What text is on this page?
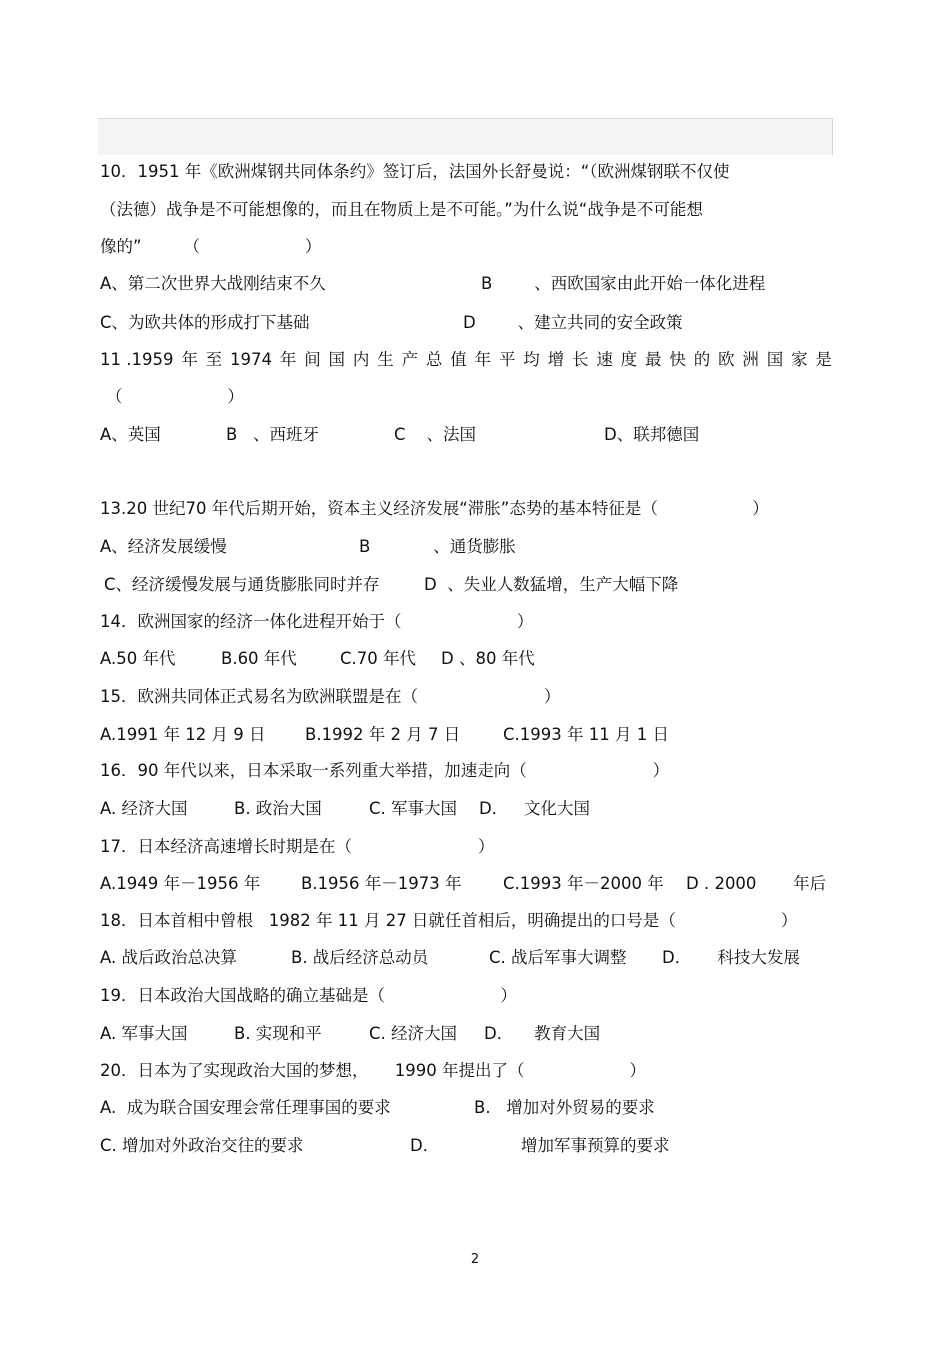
10．1951 年《欧洲煤钢共同体条约》签订后，法国外长舒曼说：“（欧洲煤钢联不仅使
（法德）战争是不可能想像的，而且在物质上是不可能。”为什么说“战争是不可能想
像的”        （                    ）
A、第二次世界大战刚结束不久	B        、西欧国家由此开始一体化进程
C、为欧共体的形成打下基础	D        、建立共同的安全政策
11 .1959 年 至 1974 年 间 国 内 生 产 总 值 年 平 均 增 长 速 度 最 快 的 欧 洲 国 家 是
（                    ）
A、英国	B   、西班牙	C    、法国	D、联邦德国
13.20 世纪70 年代后期开始，资本主义经济发展“滞胀”态势的基本特征是（                  ）
A、经济发展缓慢	B            、通货膨胀
C、经济缓慢发展与通货膨胀同时并存	D  、失业人数猛增，生产大幅下降
14．欧洲国家的经济一体化进程开始于（                      ）
A.50 年代	B.60 年代	C.70 年代 D 、80 年代
15．欧洲共同体正式易名为欧洲联盟是在（                        ）
A.1991 年 12 月 9 日 B.1992 年 2 月 7 日	C.1993 年 11 月 1 日
16．90 年代以来，日本采取一系列重大举措，加速走向（                        ）
A. 经济大国	B. 政治大国	C. 军事大国 D．   文化大国
17．日本经济高速增长时期是在（                        ）
A.1949 年－1956 年 B.1956 年－1973 年	C.1993 年－2000 年 D . 2000       年后
18．日本首相中曾根   1982 年 11 月 27 日就任首相后，明确提出的口号是（                    ）
A. 战后政治总决算	B. 战后经济总动员	C. 战后军事大调整 D．     科技大发展
19．日本政治大国战略的确立基础是（                      ）
A. 军事大国	B. 实现和平	C. 经济大国 D．    教育大国
20．日本为了实现政治大国的梦想，     1990 年提出了（                    ）
A.  成为联合国安理会常任理事国的要求	B.   增加对外贸易的要求
C. 增加对外政治交往的要求	D．	增加军事预算的要求
2
